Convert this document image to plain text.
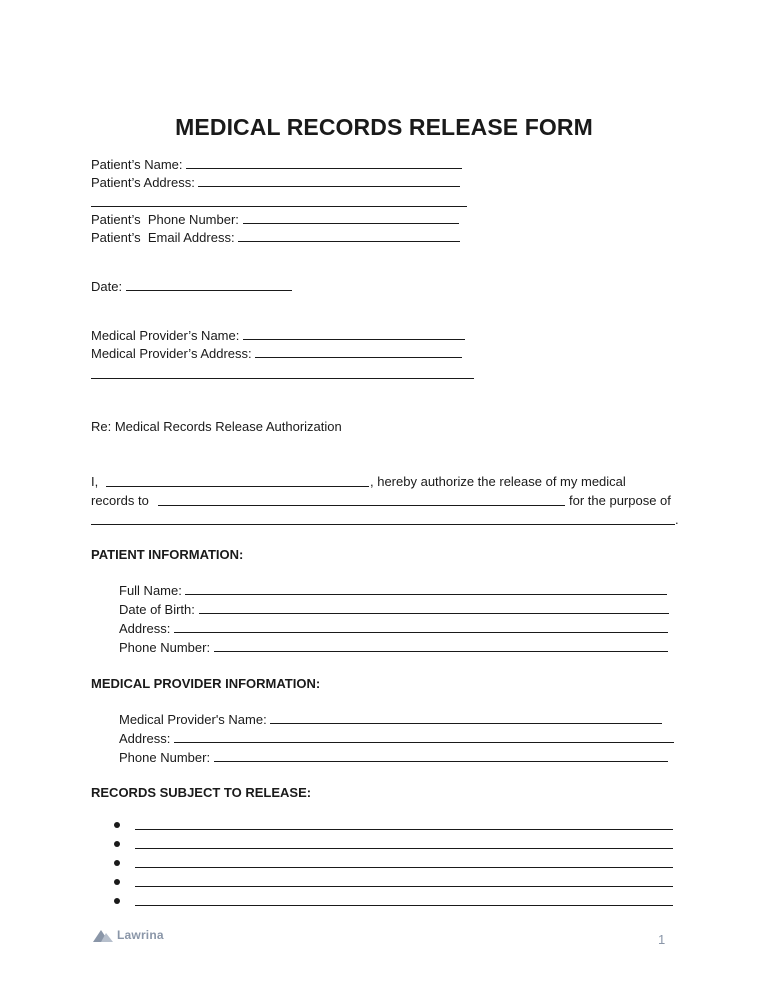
MEDICAL RECORDS RELEASE FORM
Patient’s Name:
Patient’s Address:
Patient’s  Phone Number:
Patient’s  Email Address:
Date:
Medical Provider’s Name:
Medical Provider’s Address:
Re: Medical Records Release Authorization
I,	, hereby authorize the release of my medical
records to	for the purpose of
.
PATIENT INFORMATION:
Full Name:
Date of Birth:
Address:
Phone Number:
MEDICAL PROVIDER INFORMATION:
Medical Provider's Name:
Address:
Phone Number:
RECORDS SUBJECT TO RELEASE:
Lawrina	1
